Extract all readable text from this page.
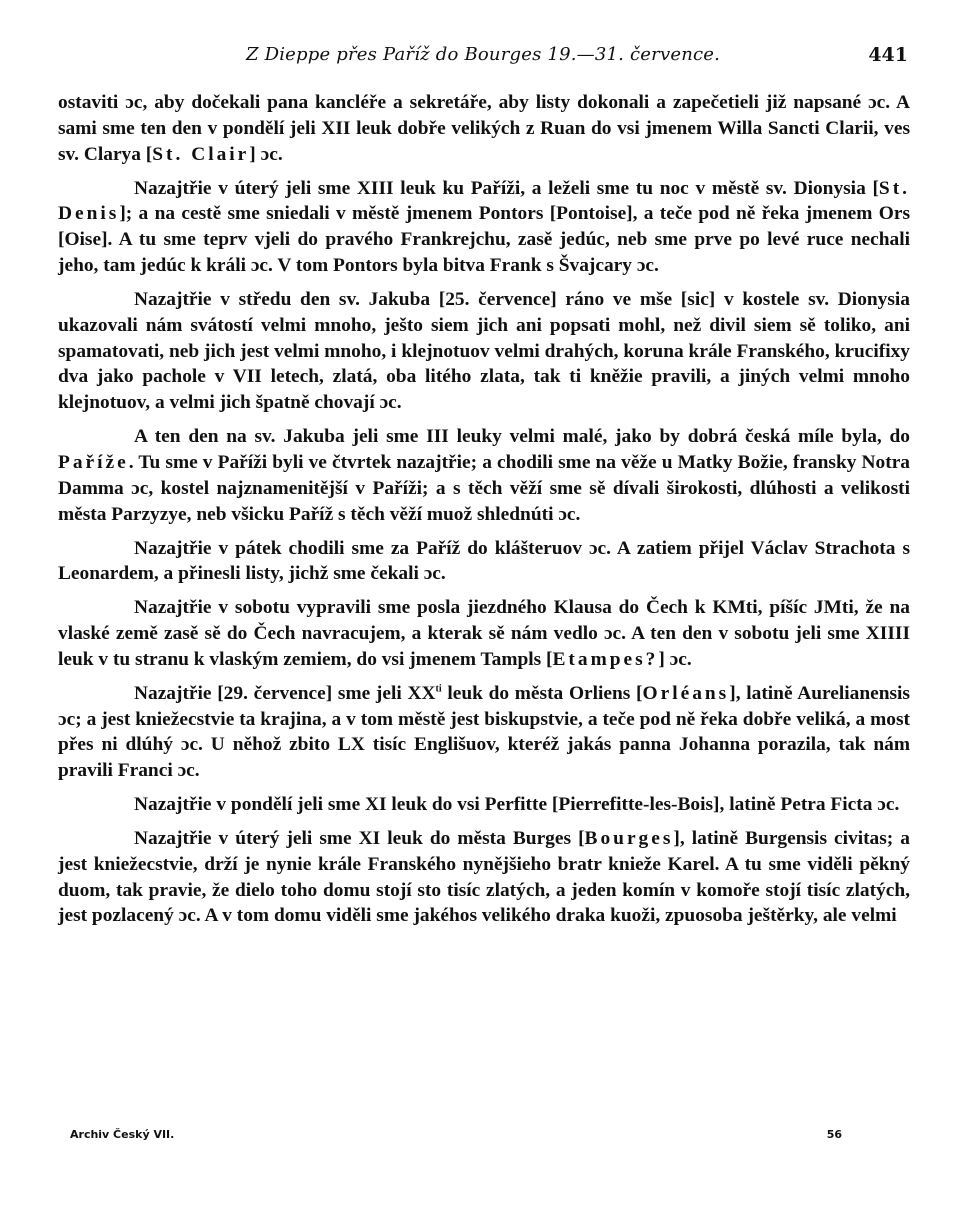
Z Dieppe přes Paříž do Bourges 19.—31. července.	441

ostaviti ɔc, aby dočekali pana kancléře a sekretáře, aby listy dokonali a zapečetieli již napsané ɔc. A sami sme ten den v pondělí jeli XII leuk dobře velikých z Ruan do vsi jmenem Willa Sancti Clarii, ves sv. Clarya [St. Clair] ɔc.

Nazajtřie v úterý jeli sme XIII leuk ku Paříži, a leželi sme tu noc v městě sv. Dionysia [St. Denis]; a na cestě sme sniedali v městě jmenem Pontors [Pontoise], a teče pod ně řeka jmenem Ors [Oise]. A tu sme teprv vjeli do pravého Frankrejchu, zasě jedúc, neb sme prve po levé ruce nechali jeho, tam jedúc k králi ɔc. V tom Pontors byla bitva Frank s Švajcary ɔc.

Nazajtřie v středu den sv. Jakuba [25. července] ráno ve mše [sic] v kostele sv. Dionysia ukazovali nám svátostí velmi mnoho, ješto siem jich ani popsati mohl, než divil siem sě toliko, ani spamatovati, neb jich jest velmi mnoho, i klejnotuov velmi drahých, koruna krále Franského, krucifixy dva jako pachole v VII letech, zlatá, oba litého zlata, tak ti kněžie pravili, a jiných velmi mnoho klejnotuov, a velmi jich špatně chovají ɔc.

A ten den na sv. Jakuba jeli sme III leuky velmi malé, jako by dobrá česká míle byla, do Paříže. Tu sme v Paříži byli ve čtvrtek nazajtřie; a chodili sme na věže u Matky Božie, fransky Notra Damma ɔc, kostel najznamenitější v Paříži; a s těch věží sme sě dívali širokosti, dlúhosti a velikosti města Parzyzye, neb všicku Paříž s těch věží muož shlednúti ɔc.

Nazajtřie v pátek chodili sme za Paříž do klášteruov ɔc. A zatiem přijel Václav Strachota s Leonardem, a přinesli listy, jichž sme čekali ɔc.

Nazajtřie v sobotu vypravili sme posla jiezdného Klausa do Čech k KMti, píšíc JMti, že na vlaské země zasě sě do Čech navracujem, a kterak sě nám vedlo ɔc. A ten den v sobotu jeli sme XIIII leuk v tu stranu k vlaským zemiem, do vsi jmenem Tampls [Etampes?] ɔc.

Nazajtřie [29. července] sme jeli $XX^{ti}$ leuk do města Orliens [Orléans], latině Aurelianensis ɔc; a jest kniežecstvie ta krajina, a v tom městě jest biskupstvie, a teče pod ně řeka dobře veliká, a most přes ni dlúhý ɔc. U něhož zbito LX tisíc Englišuov, kteréž jakás panna Johanna porazila, tak nám pravili Franci ɔc.

Nazajtřie v pondělí jeli sme XI leuk do vsi Perfitte [Pierrefitte-les-Bois], latině Petra Ficta ɔc.

Nazajtřie v úterý jeli sme XI leuk do města Burges [Bourges], latině Burgensis civitas; a jest kniežecstvie, drží je nynie krále Franského nynějšieho bratr knieže Karel. A tu sme viděli pěkný duom, tak pravie, že dielo toho domu stojí sto tisíc zlatých, a jeden komín v komoře stojí tisíc zlatých, jest pozlacený ɔc. A v tom domu viděli sme jakéhos velikého draka kuoži, zpuosoba ještěrky, ale velmi

Archiv Český VII.	56
